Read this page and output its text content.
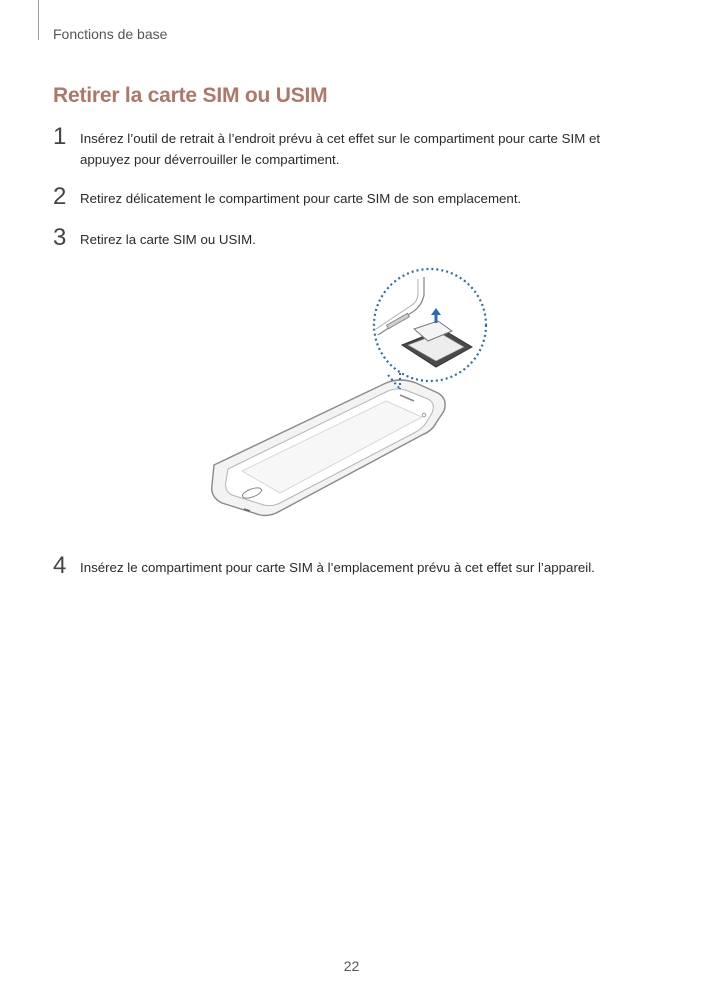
Fonctions de base
Retirer la carte SIM ou USIM
1 Insérez l’outil de retrait à l’endroit prévu à cet effet sur le compartiment pour carte SIM et appuyez pour déverrouiller le compartiment.
2 Retirez délicatement le compartiment pour carte SIM de son emplacement.
3 Retirez la carte SIM ou USIM.
4 Insérez le compartiment pour carte SIM à l’emplacement prévu à cet effet sur l’appareil.
22
